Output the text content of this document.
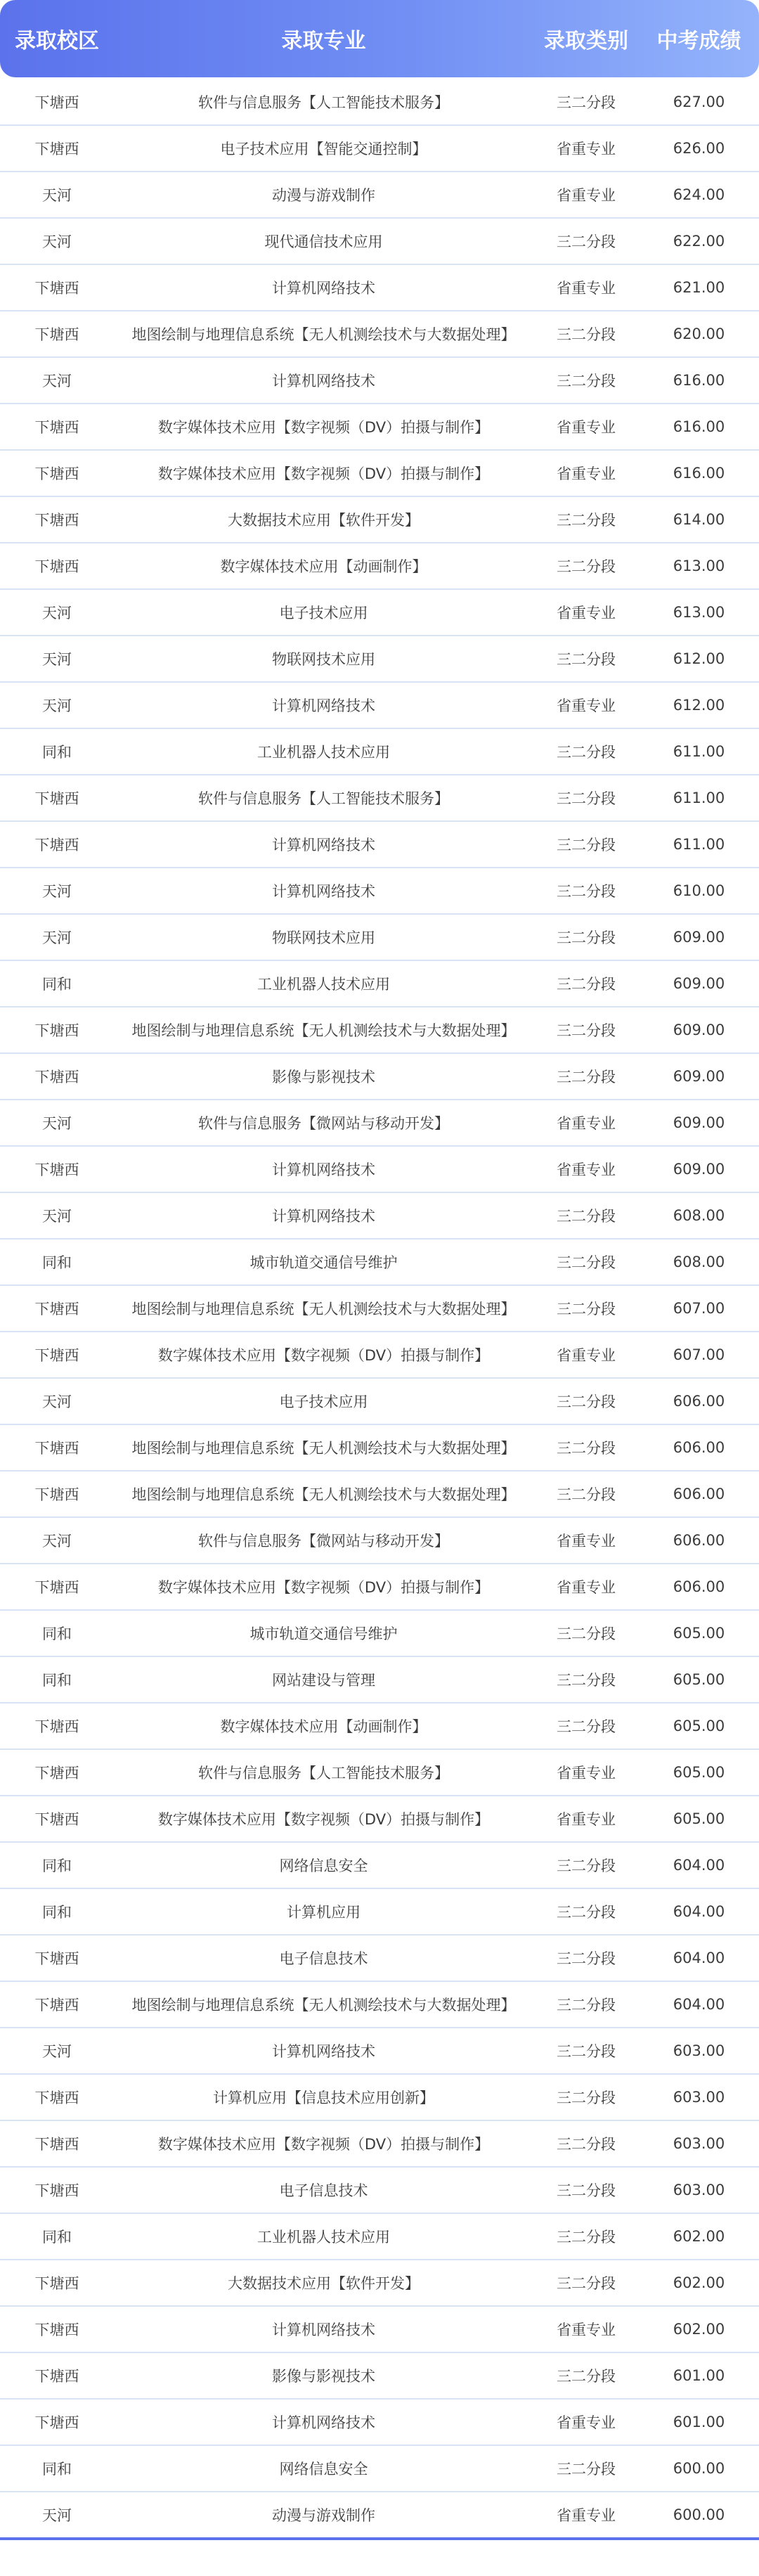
录取校区	录取专业	录取类别	中考成绩
下塘西	软件与信息服务【人工智能技术服务】	三二分段	627.00
下塘西	电子技术应用【智能交通控制】	省重专业	626.00
天河	动漫与游戏制作	省重专业	624.00
天河	现代通信技术应用	三二分段	622.00
下塘西	计算机网络技术	省重专业	621.00
下塘西	地图绘制与地理信息系统【无人机测绘技术与大数据处理】	三二分段	620.00
天河	计算机网络技术	三二分段	616.00
下塘西	数字媒体技术应用【数字视频（DV）拍摄与制作】	省重专业	616.00
下塘西	数字媒体技术应用【数字视频（DV）拍摄与制作】	省重专业	616.00
下塘西	大数据技术应用【软件开发】	三二分段	614.00
下塘西	数字媒体技术应用【动画制作】	三二分段	613.00
天河	电子技术应用	省重专业	613.00
天河	物联网技术应用	三二分段	612.00
天河	计算机网络技术	省重专业	612.00
同和	工业机器人技术应用	三二分段	611.00
下塘西	软件与信息服务【人工智能技术服务】	三二分段	611.00
下塘西	计算机网络技术	三二分段	611.00
天河	计算机网络技术	三二分段	610.00
天河	物联网技术应用	三二分段	609.00
同和	工业机器人技术应用	三二分段	609.00
下塘西	地图绘制与地理信息系统【无人机测绘技术与大数据处理】	三二分段	609.00
下塘西	影像与影视技术	三二分段	609.00
天河	软件与信息服务【微网站与移动开发】	省重专业	609.00
下塘西	计算机网络技术	省重专业	609.00
天河	计算机网络技术	三二分段	608.00
同和	城市轨道交通信号维护	三二分段	608.00
下塘西	地图绘制与地理信息系统【无人机测绘技术与大数据处理】	三二分段	607.00
下塘西	数字媒体技术应用【数字视频（DV）拍摄与制作】	省重专业	607.00
天河	电子技术应用	三二分段	606.00
下塘西	地图绘制与地理信息系统【无人机测绘技术与大数据处理】	三二分段	606.00
下塘西	地图绘制与地理信息系统【无人机测绘技术与大数据处理】	三二分段	606.00
天河	软件与信息服务【微网站与移动开发】	省重专业	606.00
下塘西	数字媒体技术应用【数字视频（DV）拍摄与制作】	省重专业	606.00
同和	城市轨道交通信号维护	三二分段	605.00
同和	网站建设与管理	三二分段	605.00
下塘西	数字媒体技术应用【动画制作】	三二分段	605.00
下塘西	软件与信息服务【人工智能技术服务】	省重专业	605.00
下塘西	数字媒体技术应用【数字视频（DV）拍摄与制作】	省重专业	605.00
同和	网络信息安全	三二分段	604.00
同和	计算机应用	三二分段	604.00
下塘西	电子信息技术	三二分段	604.00
下塘西	地图绘制与地理信息系统【无人机测绘技术与大数据处理】	三二分段	604.00
天河	计算机网络技术	三二分段	603.00
下塘西	计算机应用【信息技术应用创新】	三二分段	603.00
下塘西	数字媒体技术应用【数字视频（DV）拍摄与制作】	三二分段	603.00
下塘西	电子信息技术	三二分段	603.00
同和	工业机器人技术应用	三二分段	602.00
下塘西	大数据技术应用【软件开发】	三二分段	602.00
下塘西	计算机网络技术	省重专业	602.00
下塘西	影像与影视技术	三二分段	601.00
下塘西	计算机网络技术	省重专业	601.00
同和	网络信息安全	三二分段	600.00
天河	动漫与游戏制作	省重专业	600.00
